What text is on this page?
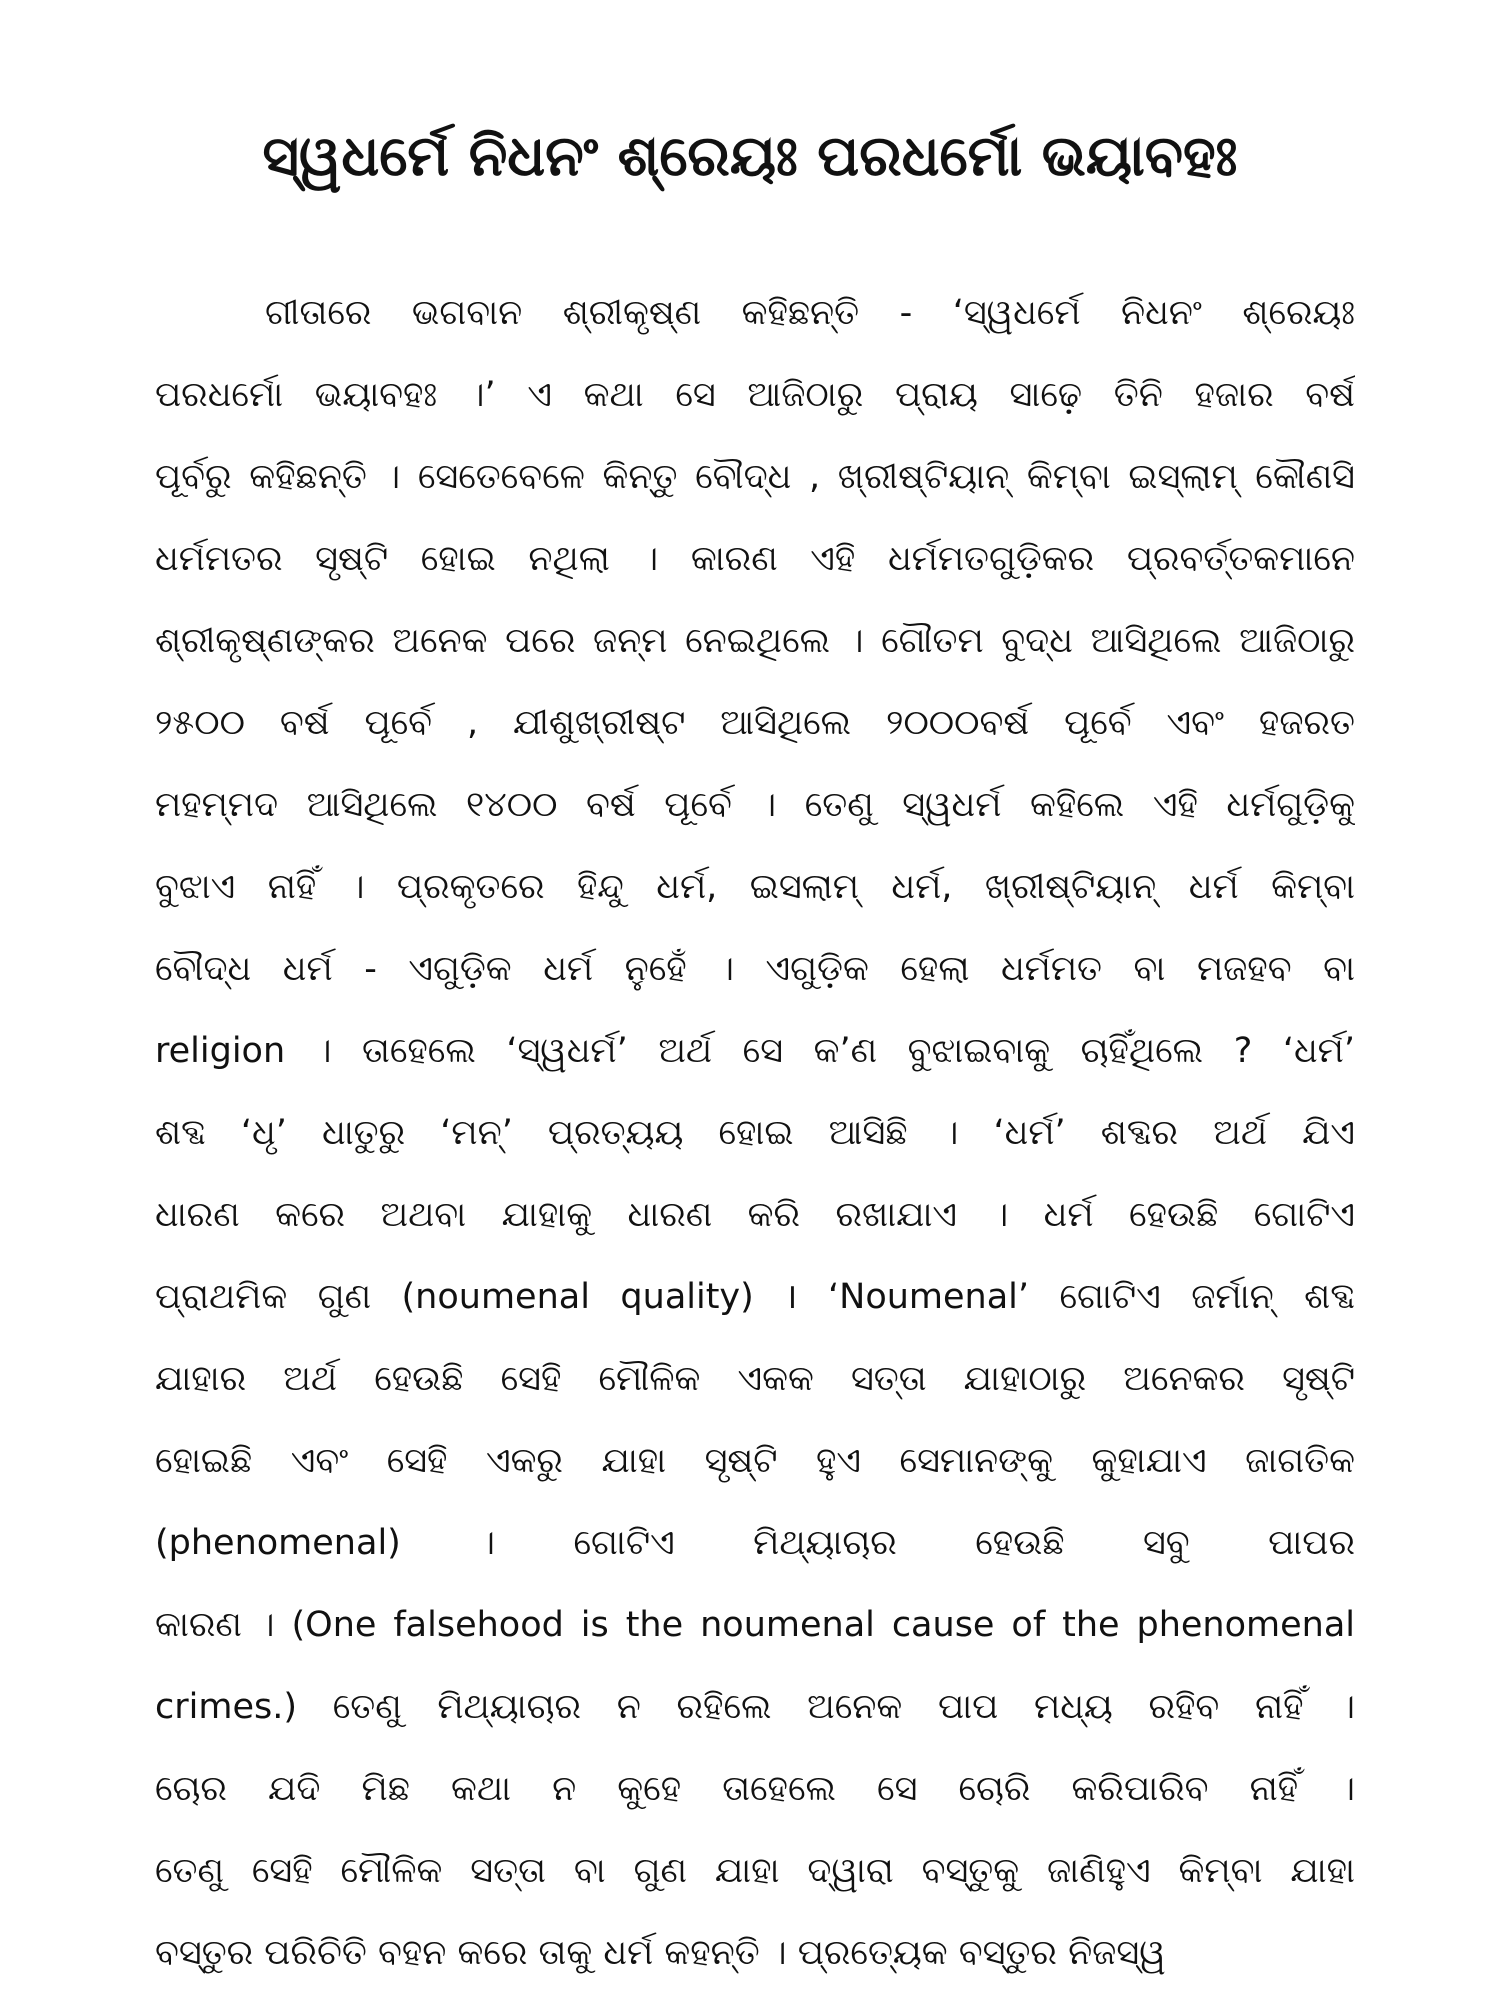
ସ୍ୱଧର୍ମେ ନିଧନଂ ଶ୍ରେୟଃ ପରଧର୍ମୋ ଭୟାବହଃ
ଗୀତାରେ ଭଗବାନ ଶ୍ରୀକୃଷ୍ଣ କହିଛନ୍ତି - ‘ସ୍ୱଧର୍ମେ ନିଧନଂ ଶ୍ରେୟଃ
ପରଧର୍ମୋ ଭୟାବହଃ ।’ ଏ କଥା ସେ ଆଜିଠାରୁ ପ୍ରାୟ ସାଢ଼େ ତିନି ହଜାର ବର୍ଷ
ପୂର୍ବରୁ କହିଛନ୍ତି । ସେତେବେଳେ କିନ୍ତୁ ବୌଦ୍ଧ , ଖ୍ରୀଷ୍ଟିୟାନ୍ କିମ୍ବା ଇସ୍‌ଲାମ୍ କୌଣସି
ଧର୍ମମତର ସୃଷ୍ଟି ହୋଇ ନଥିଲା । କାରଣ ଏହି ଧର୍ମମତଗୁଡ଼ିକର ପ୍ରବର୍ତ୍ତକମାନେ
ଶ୍ରୀକୃଷ୍ଣଙ୍କର ଅନେକ ପରେ ଜନ୍ମ ନେଇଥିଲେ । ଗୌତମ ବୁଦ୍ଧ ଆସିଥିଲେ ଆଜିଠାରୁ
୨୫୦୦ ବର୍ଷ ପୂର୍ବେ , ଯୀଶୁଖ୍ରୀଷ୍ଟ ଆସିଥିଲେ ୨୦୦୦ବର୍ଷ ପୂର୍ବେ ଏବଂ ହଜରତ
ମହମ୍ମଦ ଆସିଥିଲେ ୧୪୦୦ ବର୍ଷ ପୂର୍ବେ । ତେଣୁ ସ୍ୱଧର୍ମ କହିଲେ ଏହି ଧର୍ମଗୁଡ଼ିକୁ
ବୁଝାଏ ନାହିଁ । ପ୍ରକୃତରେ ହିନ୍ଦୁ ଧର୍ମ, ଇସଲାମ୍ ଧର୍ମ, ଖ୍ରୀଷ୍ଟିୟାନ୍ ଧର୍ମ କିମ୍ବା
ବୌଦ୍ଧ ଧର୍ମ - ଏଗୁଡ଼ିକ ଧର୍ମ ନୁହେଁ । ଏଗୁଡ଼ିକ ହେଲା ଧର୍ମମତ ବା ମଜହବ ବା
religion । ତାହେଲେ ‘ସ୍ୱଧର୍ମ’ ଅର୍ଥ ସେ କ’ଣ ବୁଝାଇବାକୁ ଚାହିଁଥିଲେ ? ‘ଧର୍ମ’
ଶବ୍ଦ ‘ଧୃ’ ଧାତୁରୁ ‘ମନ୍’ ପ୍ରତ୍ୟୟ ହୋଇ ଆସିଛି । ‘ଧର୍ମ’ ଶବ୍ଦର ଅର୍ଥ ଯିଏ
ଧାରଣ କରେ ଅଥବା ଯାହାକୁ ଧାରଣ କରି ରଖାଯାଏ । ଧର୍ମ ହେଉଛି ଗୋଟିଏ
ପ୍ରାଥମିକ ଗୁଣ (noumenal quality) । ‘Noumenal’ ଗୋଟିଏ ଜର୍ମାନ୍ ଶବ୍ଦ
ଯାହାର ଅର୍ଥ ହେଉଛି ସେହି ମୌଳିକ ଏକକ ସତ୍ତା ଯାହାଠାରୁ ଅନେକର ସୃଷ୍ଟି
ହୋଇଛି ଏବଂ ସେହି ଏକରୁ ଯାହା ସୃଷ୍ଟି ହୁଏ ସେମାନଙ୍କୁ କୁହାଯାଏ ଜାଗତିକ
(phenomenal) । ଗୋଟିଏ ମିଥ୍ୟାଚାର ହେଉଛି ସବୁ ପାପର
କାରଣ । (One falsehood is the noumenal cause of the phenomenal
crimes.) ତେଣୁ ମିଥ୍ୟାଚାର ନ ରହିଲେ ଅନେକ ପାପ ମଧ୍ୟ ରହିବ ନାହିଁ ।
ଚୋର ଯଦି ମିଛ କଥା ନ କୁହେ ତାହେଲେ ସେ ଚୋରି କରିପାରିବ ନାହିଁ ।
ତେଣୁ ସେହି ମୌଳିକ ସତ୍ତା ବା ଗୁଣ ଯାହା ଦ୍ୱାରା ବସ୍ତୁକୁ ଜାଣିହୁଏ କିମ୍ବା ଯାହା
ବସ୍ତୁର ପରିଚିତି ବହନ କରେ ତାକୁ ଧର୍ମ କହନ୍ତି । ପ୍ରତ୍ୟେକ ବସ୍ତୁର ନିଜସ୍ୱ
